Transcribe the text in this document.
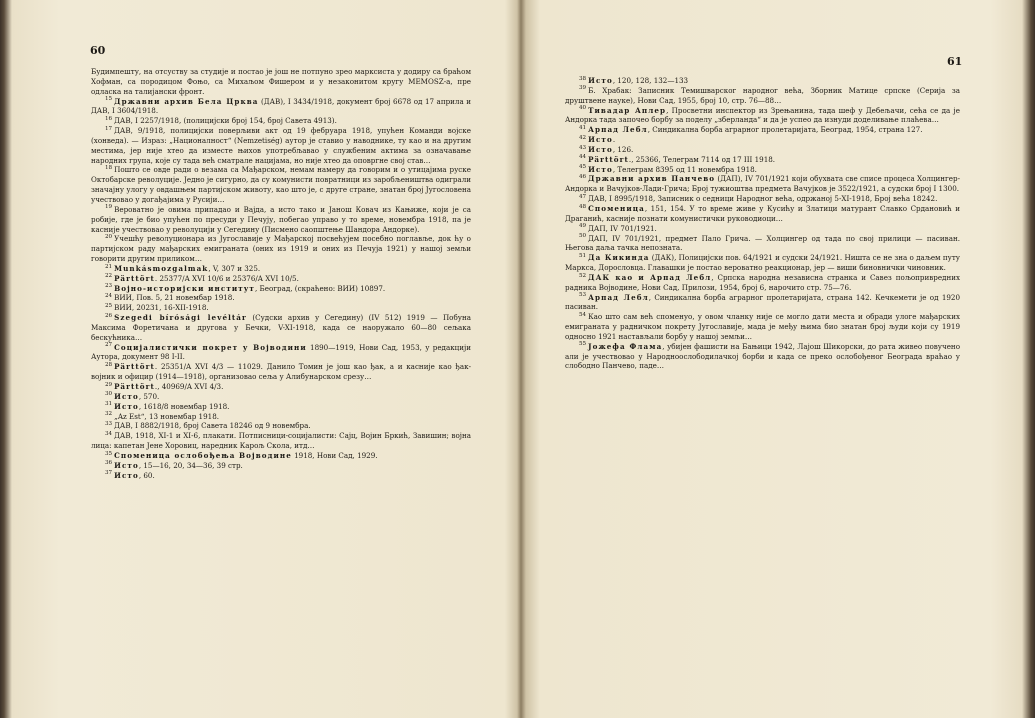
60

Будимпешту, на отсуству за студије и постао је још не потпуно зрео марксиста у додиру са браћом Хофман, са породицом Фоњо, са Михаљом Фишером и у незаконитом кругу MEMOSZ-а, пре одласка на талијански фронт.

$^{15}$ Државни архив Бела Црква (ДАВ), I 3434/1918, документ број 6678 од 17 априла и ДАВ, I 3604/1918.

$^{16}$ ДАВ, I 2257/1918, (полицијски број 154, број Савета 4913).

$^{17}$ ДАВ, 9/1918, полицијски поверљиви акт од 19 фебруара 1918, упућен Команди војске (хонведа). — Израз: „Националност“ (Nemzetiség) аутор је ставио у наводнике, ту као и на другим местима, јер није хтео да изместе њихов употребљавао у службеним актима за означавање народних група, које су тада већ сматрале нацијама, но није хтео да оповргне свој став…

$^{18}$ Пошто се овде ради о везама са Мађарском, немам намеру да говорим и о утицајима руске Октобарске револуције. Једно је сигурно, да су комунисти повратници из заробљеништва одиграли значајну улогу у овдашњем партијском животу, као што је, с друге стране, знатан број Југословена учествовао у догађајима у Русији…

$^{19}$ Вероватно је овима припадао и Вајда, а исто тако и Јанош Ковач из Кањиже, који је са робије, где је био упућен по пресуди у Печују, побегао управо у то време, новембра 1918, па је касније учествовао у револуцији у Сегедину (Писмено саопштење Шандора Андорке).

$^{20}$ Учешћу револуционара из Југославије у Мађарској посвећујем посебно поглавље, док ћу о партијском раду мађарских емиграната (оних из 1919 и оних из Печуја 1921) у нашој земљи говорити другим приликом…

$^{21}$ Munkásmozgalmak, V, 307 и 325.

$^{22}$ Pärttört. 25377/A XVI 10/6 и 25376/A XVI 10/5.

$^{23}$ Војно-историјски институт, Београд, (скраћено: ВИИ) 10897.

$^{24}$ ВИИ, Пов. 5, 21 новембар 1918.

$^{25}$ ВИИ, 20231, 16-XII-1918.

$^{26}$ Szegedi bírósági levéltár (Судски архив у Сегедину) (IV 512) 1919 — Побуна Максима Форетичана и другова у Бечки, V-XI-1918, када се наоружало 60—80 сељака бескућника…

$^{27}$ Социјалистички покрет у Војводини 1890—1919, Нови Сад, 1953, у редакцији Аутора, документ 98 I-II.

$^{28}$ Pärttört. 25351/A XVI 4/3 — 11029. Данило Томин је још као ђак, а и касније као ђак-војник и официр (1914—1918), организовао сеља у Алибунарском срезу…

$^{29}$ Pärttört., 40969/A XVI 4/3.

$^{30}$ Исто, 570.

$^{31}$ Исто, 1618/8 новембар 1918.

$^{32}$ „Az Est“, 13 новембар 1918.

$^{33}$ ДАВ, I 8882/1918, број Савета 18246 од 9 новембра.

$^{34}$ ДАВ, 1918, XI-1 и XI-6, плакати. Потписници-социјалисти: Сајц, Војин Бркић, Завишин; војна лица: капетан Јене Хоровиц, наредник Карољ Сколa, итд…

$^{35}$ Споменица ослобођења Војводине 1918, Нови Сад, 1929.

$^{36}$ Исто, 15—16, 20, 34—36, 39 стр.

$^{37}$ Исто, 60.

61

$^{38}$ Исто, 120, 128, 132—133

$^{39}$ Б. Храбак: Записник Темишварског народног већа, Зборник Матице српске (Серија за друштвене науке), Нови Сад, 1955, број 10, стр. 76—88…

$^{40}$ Тивадар Аплер, Просветни инспектор из Зрењанина, тада шеф у Дебељачи, сећа се да је Андорка тада започео борбу за поделу „зберланда“ и да је успео да изнуди доделивање плаћева…

$^{41}$ Арпад Лебл, Синдикална борба аграрног пролетаријата, Београд, 1954, страна 127.

$^{42}$ Исто.

$^{43}$ Исто, 126.

$^{44}$ Pärttört., 25366, Телеграм 7114 од 17 III 1918.

$^{45}$ Исто, Телеграм 8395 од 11 новембра 1918.

$^{46}$ Државни архив Панчево (ДАП), IV 701/1921 који обухвата све списе процеса Холцингер-Андорка и Вачујков-Лади-Грича; Број тужиоштва предмета Вачујков је 3522/1921, а судски број I 1300.

$^{47}$ ДАВ, I 8995/1918, Записник о седници Народног већа, одржаној 5-XI-1918, Број већа 18242.

$^{48}$ Споменица, 151, 154. У то време живе у Кусићу и Златици матурант Славко Срдановић и Драганић, касније познати комунистички руководиоци…

$^{49}$ ДАП, IV 701/1921.

$^{50}$ ДАП, IV 701/1921, предмет Пало Грича. — Холцингер од тада по свој прилици — пасиван. Његова даља тачка непозната.

$^{51}$ Да Кикинда (ДАК), Полицијски пов. 64/1921 и судски 24/1921. Ништа се не зна о даљем путу Маркса, Дорословца. Главашки је постао вероватно реакционар, јер — виши биновнички чиновник.

$^{52}$ ДАК као и Арпад Лебл, Српска народна независна странка и Савез пољопривредних радника Војводине, Нови Сад, Прилози, 1954, број 6, нарочито стр. 75—76.

$^{53}$ Арпад Лебл, Синдикална борба аграрног пролетаријата, страна 142. Кечкемети је од 1920 пасиван.

$^{54}$ Као што сам већ споменуо, у овом чланку није се могло дати места и обради улоге мађарских емиграната у радничком покрету Југославије, мада је међу њима био знатан број људи који су 1919 односно 1921 настављали борбу у нашој земљи…

$^{55}$ Јожефа Флама, убијен фашисти на Бањици 1942, Лајош Шикорски, до рата живео повучено али је учествовао у Народноослободилачкој борби и када се преко ослобођеног Београда враћао у слободно Панчево, паде…
